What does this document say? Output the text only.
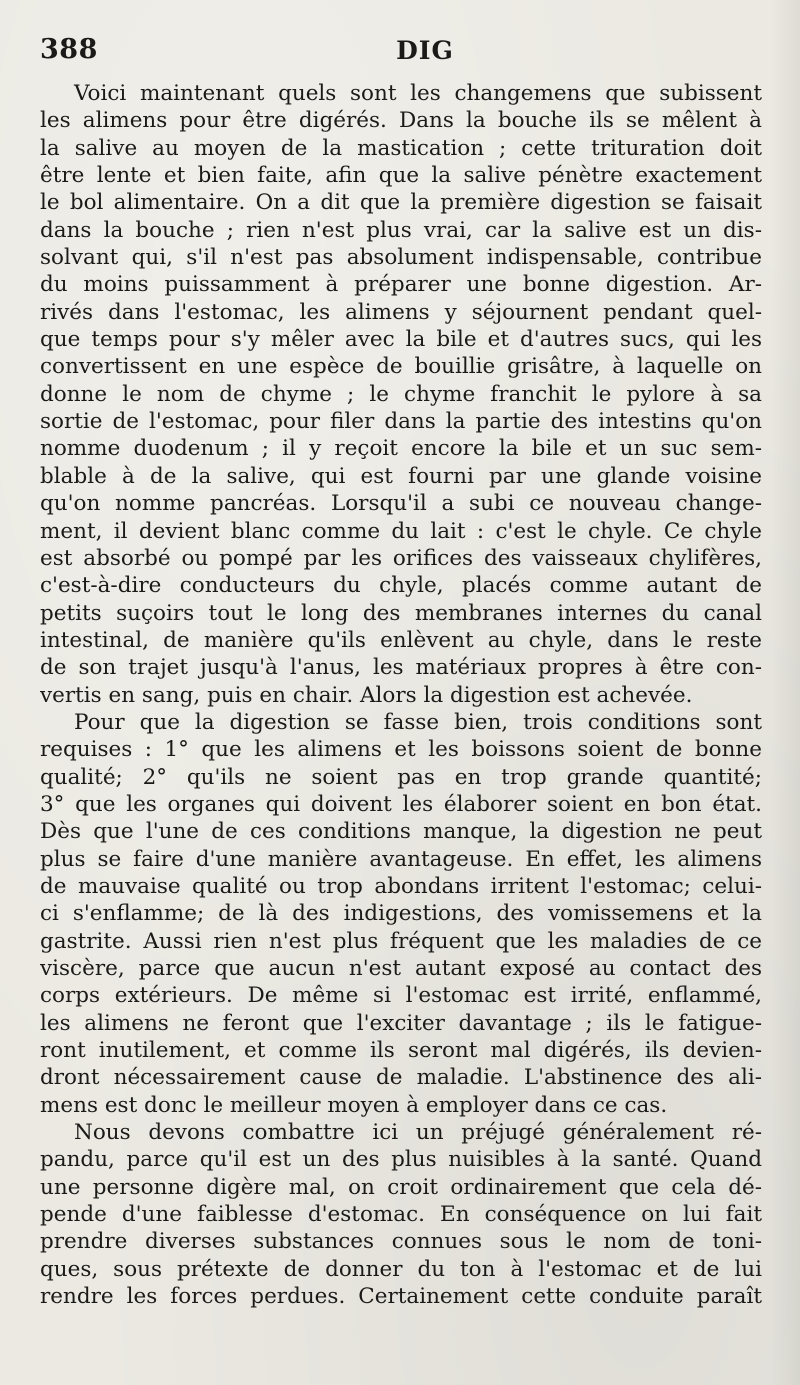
388	DIG
Voici maintenant quels sont les changemens que subissent
les alimens pour être digérés. Dans la bouche ils se mêlent à
la salive au moyen de la mastication ; cette trituration doit
être lente et bien faite, afin que la salive pénètre exactement
le bol alimentaire. On a dit que la première digestion se faisait
dans la bouche ; rien n'est plus vrai, car la salive est un dis-
solvant qui, s'il n'est pas absolument indispensable, contribue
du moins puissamment à préparer une bonne digestion. Ar-
rivés dans l'estomac, les alimens y séjournent pendant quel-
que temps pour s'y mêler avec la bile et d'autres sucs, qui les
convertissent en une espèce de bouillie grisâtre, à laquelle on
donne le nom de chyme ; le chyme franchit le pylore à sa
sortie de l'estomac, pour filer dans la partie des intestins qu'on
nomme duodenum ; il y reçoit encore la bile et un suc sem-
blable à de la salive, qui est fourni par une glande voisine
qu'on nomme pancréas. Lorsqu'il a subi ce nouveau change-
ment, il devient blanc comme du lait : c'est le chyle. Ce chyle
est absorbé ou pompé par les orifices des vaisseaux chylifères,
c'est-à-dire conducteurs du chyle, placés comme autant de
petits suçoirs tout le long des membranes internes du canal
intestinal, de manière qu'ils enlèvent au chyle, dans le reste
de son trajet jusqu'à l'anus, les matériaux propres à être con-
vertis en sang, puis en chair. Alors la digestion est achevée.
Pour que la digestion se fasse bien, trois conditions sont
requises : 1° que les alimens et les boissons soient de bonne
qualité; 2° qu'ils ne soient pas en trop grande quantité;
3° que les organes qui doivent les élaborer soient en bon état.
Dès que l'une de ces conditions manque, la digestion ne peut
plus se faire d'une manière avantageuse. En effet, les alimens
de mauvaise qualité ou trop abondans irritent l'estomac; celui-
ci s'enflamme; de là des indigestions, des vomissemens et la
gastrite. Aussi rien n'est plus fréquent que les maladies de ce
viscère, parce que aucun n'est autant exposé au contact des
corps extérieurs. De même si l'estomac est irrité, enflammé,
les alimens ne feront que l'exciter davantage ; ils le fatigue-
ront inutilement, et comme ils seront mal digérés, ils devien-
dront nécessairement cause de maladie. L'abstinence des ali-
mens est donc le meilleur moyen à employer dans ce cas.
Nous devons combattre ici un préjugé généralement ré-
pandu, parce qu'il est un des plus nuisibles à la santé. Quand
une personne digère mal, on croit ordinairement que cela dé-
pende d'une faiblesse d'estomac. En conséquence on lui fait
prendre diverses substances connues sous le nom de toni-
ques, sous prétexte de donner du ton à l'estomac et de lui
rendre les forces perdues. Certainement cette conduite paraît
